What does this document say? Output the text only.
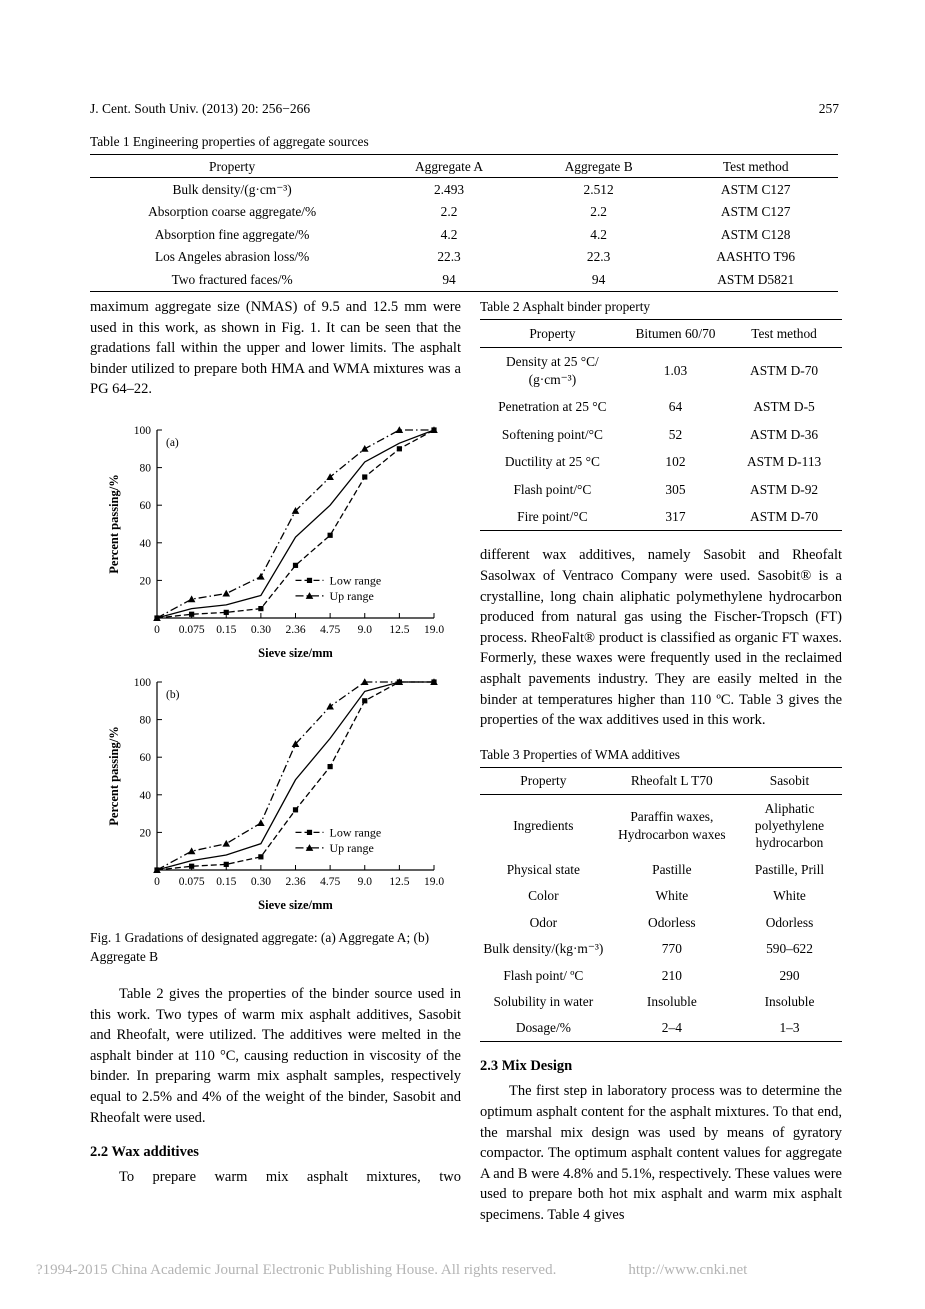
J. Cent. South Univ. (2013) 20: 256−266	257

Table 1 Engineering properties of aggregate sources

Property	Aggregate A	Aggregate B	Test method
Bulk density/(g·cm⁻³)	2.493	2.512	ASTM C127
Absorption coarse aggregate/%	2.2	2.2	ASTM C127
Absorption fine aggregate/%	4.2	4.2	ASTM C128
Los Angeles abrasion loss/%	22.3	22.3	AASHTO T96
Two fractured faces/%	94	94	ASTM D5821

maximum aggregate size (NMAS) of 9.5 and 12.5 mm were used in this work, as shown in Fig. 1. It can be seen that the gradations fall within the upper and lower limits. The asphalt binder utilized to prepare both HMA and WMA mixtures was a PG 64–22.

20
40
60
80
100
0 0.075 0.15 0.30 2.36 4.75 9.0 12.5 19.0
(a)
Percent passing/%
Sieve size/mm
Low range
Up range
20
40
60
80
100
0 0.075 0.15 0.30 2.36 4.75 9.0 12.5 19.0
(b)
Percent passing/%
Sieve size/mm
Low range
Up range

Fig. 1 Gradations of designated aggregate: (a) Aggregate A; (b) Aggregate B

Table 2 gives the properties of the binder source used in this work. Two types of warm mix asphalt additives, Sasobit and Rheofalt, were utilized. The additives were melted in the asphalt binder at 110 °C, causing reduction in viscosity of the binder. In preparing warm mix asphalt samples, respectively equal to 2.5% and 4% of the weight of the binder, Sasobit and Rheofalt were used.

2.2 Wax additives

To prepare warm mix asphalt mixtures, two

Table 2 Asphalt binder property

Property	Bitumen 60/70	Test method
Density at 25 °C/ (g·cm⁻³)	1.03	ASTM D-70
Penetration at 25 °C	64	ASTM D-5
Softening point/°C	52	ASTM D-36
Ductility at 25 °C	102	ASTM D-113
Flash point/°C	305	ASTM D-92
Fire point/°C	317	ASTM D-70

different wax additives, namely Sasobit and Rheofalt Sasolwax of Ventraco Company were used. Sasobit® is a crystalline, long chain aliphatic polymethylene hydrocarbon produced from natural gas using the Fischer-Tropsch (FT) process. RheoFalt® product is classified as organic FT waxes. Formerly, these waxes were frequently used in the reclaimed asphalt pavements industry. They are easily melted in the binder at temperatures higher than 110 ºC. Table 3 gives the properties of the wax additives used in this work.

Table 3 Properties of WMA additives

Property	Rheofalt L T70	Sasobit
Ingredients	Paraffin waxes, Hydrocarbon waxes	Aliphatic polyethylene hydrocarbon
Physical state	Pastille	Pastille, Prill
Color	White	White
Odor	Odorless	Odorless
Bulk density/(kg·m⁻³)	770	590–622
Flash point/ ºC	210	290
Solubility in water	Insoluble	Insoluble
Dosage/%	2–4	1–3
2.3 Mix Design

The first step in laboratory process was to determine the optimum asphalt content for the asphalt mixtures. To that end, the marshal mix design was used by means of gyratory compactor. The optimum asphalt content values for aggregate A and B were 4.8% and 5.1%, respectively. These values were used to prepare both hot mix asphalt and warm mix asphalt specimens. Table 4 gives

?1994-2015 China Academic Journal Electronic Publishing House. All rights reserved.	http://www.cnki.net
